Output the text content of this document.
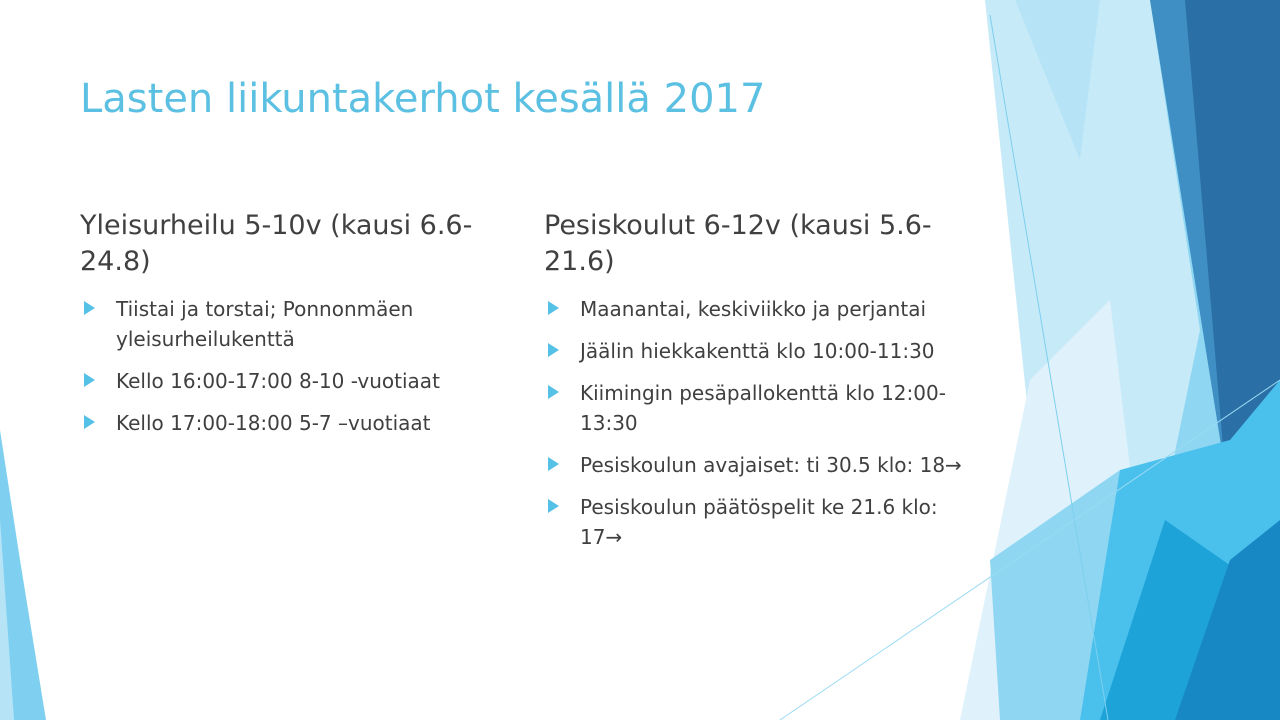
Lasten liikuntakerhot kesällä 2017
Yleisurheilu 5-10v (kausi 6.6-24.8)
Tiistai ja torstai; Ponnonmäen yleisurheilukenttä
Kello 16:00-17:00 8-10 -vuotiaat
Kello 17:00-18:00 5-7 –vuotiaat
Pesiskoulut 6-12v (kausi 5.6-21.6)
Maanantai, keskiviikko ja perjantai
Jäälin hiekkakenttä klo 10:00-11:30
Kiimingin pesäpallokenttä klo 12:00-13:30
Pesiskoulun avajaiset: ti 30.5 klo: 18→
Pesiskoulun päätöspelit ke 21.6 klo: 17→
